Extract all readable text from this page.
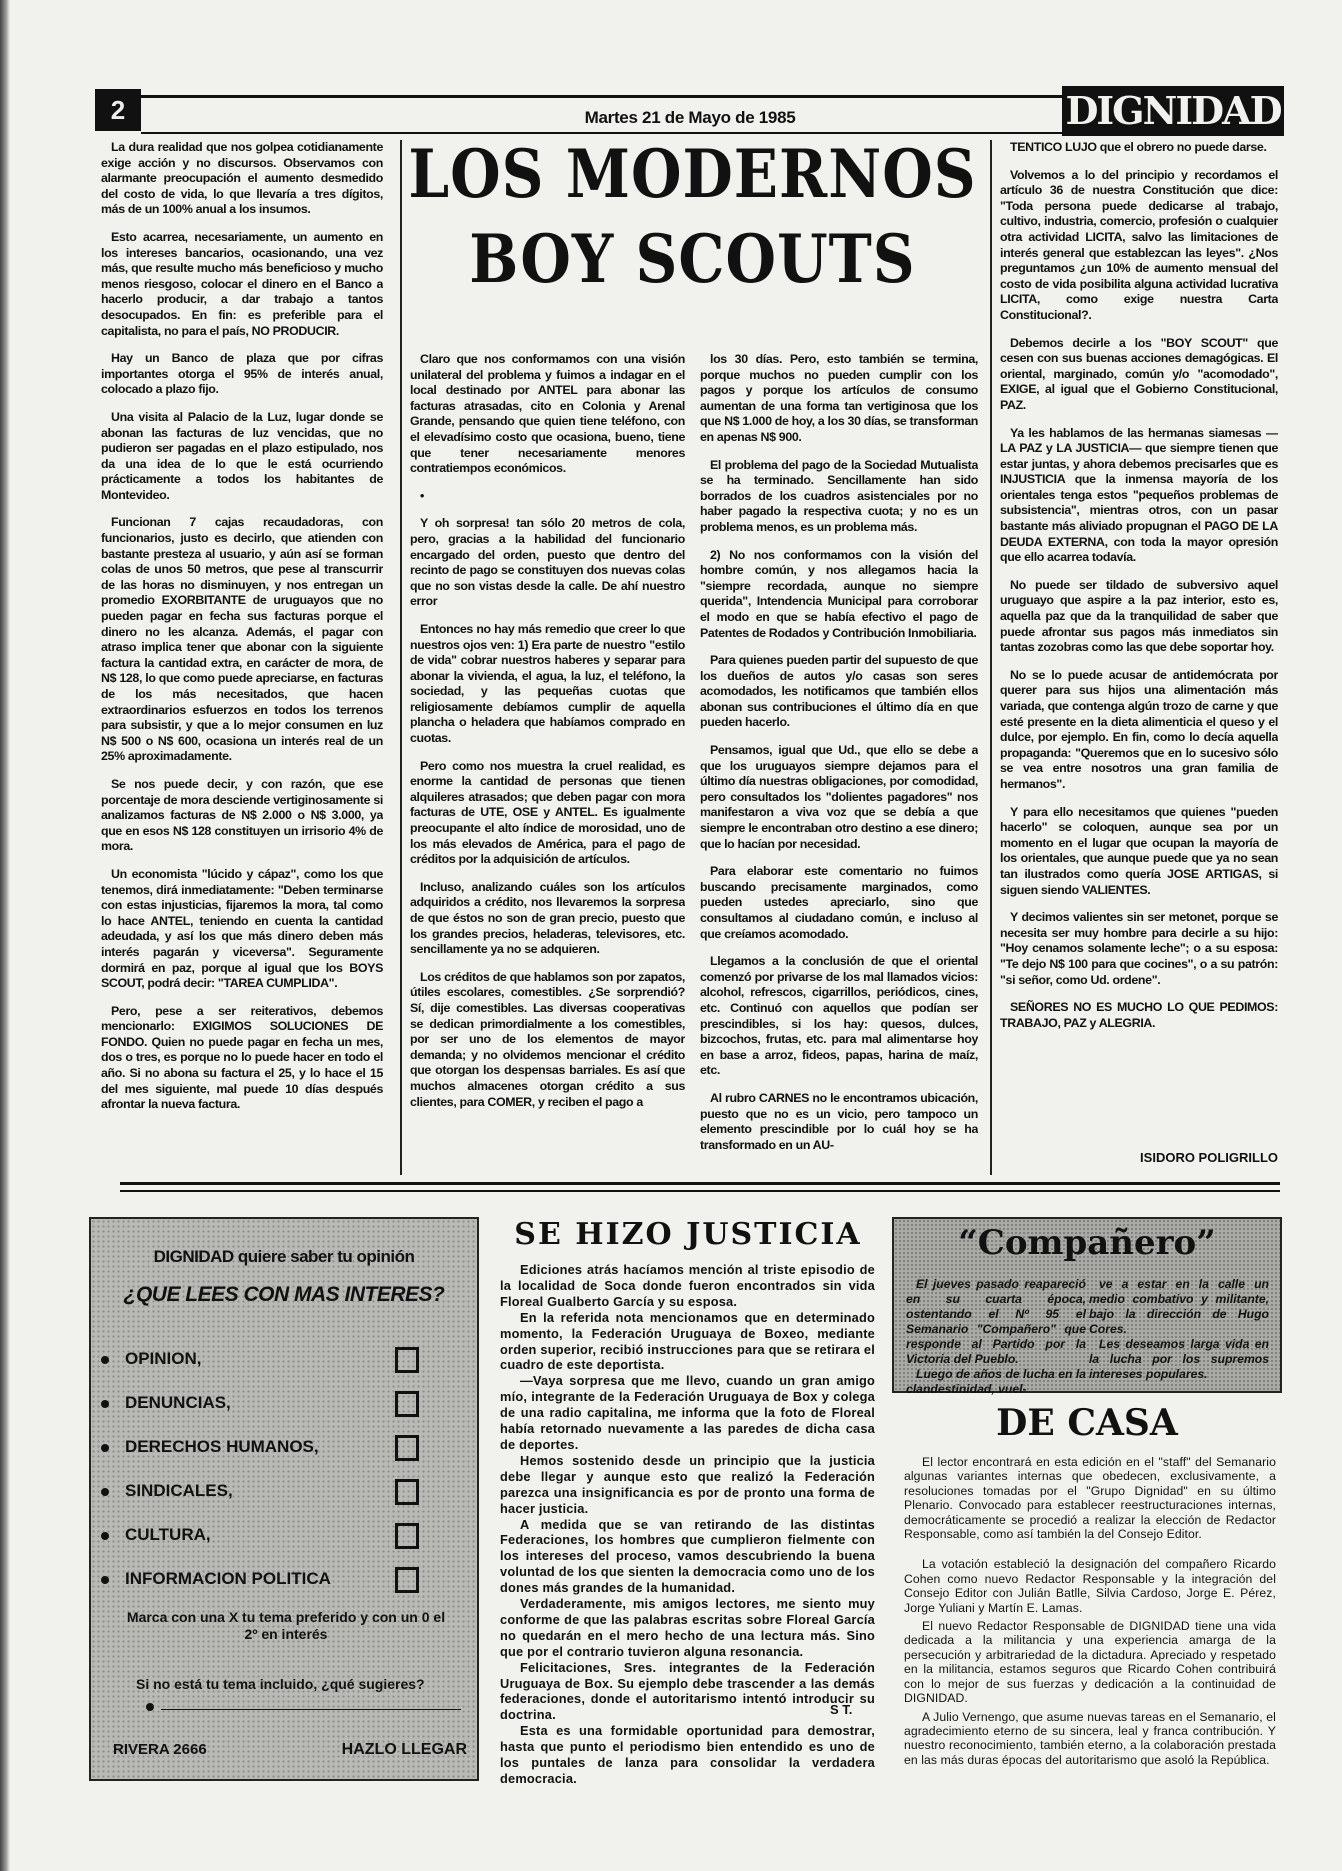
2	Martes 21 de Mayo de 1985	DIGNIDAD

La dura realidad que nos golpea cotidianamente exige acción y no discursos. Observamos con alarmante preocupación el aumento desmedido del costo de vida, lo que llevaría a tres dígitos, más de un 100% anual a los insumos.

Esto acarrea, necesariamente, un aumento en los intereses bancarios, ocasionando, una vez más, que resulte mucho más beneficioso y mucho menos riesgoso, colocar el dinero en el Banco a hacerlo producir, a dar trabajo a tantos desocupados. En fin: es preferible para el capitalista, no para el país, NO PRODUCIR.

Hay un Banco de plaza que por cifras importantes otorga el 95% de interés anual, colocado a plazo fijo.

Una visita al Palacio de la Luz, lugar donde se abonan las facturas de luz vencidas, que no pudieron ser pagadas en el plazo estipulado, nos da una idea de lo que le está ocurriendo prácticamente a todos los habitantes de Montevideo.

Funcionan 7 cajas recaudadoras, con funcionarios, justo es decirlo, que atienden con bastante presteza al usuario, y aún así se forman colas de unos 50 metros, que pese al transcurrir de las horas no disminuyen, y nos entregan un promedio EXORBITANTE de uruguayos que no pueden pagar en fecha sus facturas porque el dinero no les alcanza. Además, el pagar con atraso implica tener que abonar con la siguiente factura la cantidad extra, en carácter de mora, de N$ 128, lo que como puede apreciarse, en facturas de los más necesitados, que hacen extraordinarios esfuerzos en todos los terrenos para subsistir, y que a lo mejor consumen en luz N$ 500 o N$ 600, ocasiona un interés real de un 25% aproximadamente.

Se nos puede decir, y con razón, que ese porcentaje de mora desciende vertiginosamente si analizamos facturas de N$ 2.000 o N$ 3.000, ya que en esos N$ 128 constituyen un irrisorio 4% de mora.

Un economista "lúcido y cápaz", como los que tenemos, dirá inmediatamente: "Deben terminarse con estas injusticias, fijaremos la mora, tal como lo hace ANTEL, teniendo en cuenta la cantidad adeudada, y así los que más dinero deben más interés pagarán y viceversa". Seguramente dormirá en paz, porque al igual que los BOYS SCOUT, podrá decir: "TAREA CUMPLIDA".

Pero, pese a ser reiterativos, debemos mencionarlo: EXIGIMOS SOLUCIONES DE FONDO. Quien no puede pagar en fecha un mes, dos o tres, es porque no lo puede hacer en todo el año. Si no abona su factura el 25, y lo hace el 15 del mes siguiente, mal puede 10 días después afrontar la nueva factura.

LOS MODERNOS
BOY SCOUTS

Claro que nos conformamos con una visión unilateral del problema y fuimos a indagar en el local destinado por ANTEL para abonar las facturas atrasadas, cito en Colonia y Arenal Grande, pensando que quien tiene teléfono, con el elevadísimo costo que ocasiona, bueno, tiene que tener necesariamente menores contratiempos económicos.

•

Y oh sorpresa! tan sólo 20 metros de cola, pero, gracias a la habilidad del funcionario encargado del orden, puesto que dentro del recinto de pago se constituyen dos nuevas colas que no son vistas desde la calle. De ahí nuestro error

Entonces no hay más remedio que creer lo que nuestros ojos ven: 1) Era parte de nuestro "estilo de vida" cobrar nuestros haberes y separar para abonar la vivienda, el agua, la luz, el teléfono, la sociedad, y las pequeñas cuotas que religiosamente debíamos cumplir de aquella plancha o heladera que habíamos comprado en cuotas.

Pero como nos muestra la cruel realidad, es enorme la cantidad de personas que tienen alquileres atrasados; que deben pagar con mora facturas de UTE, OSE y ANTEL. Es igualmente preocupante el alto índice de morosidad, uno de los más elevados de América, para el pago de créditos por la adquisición de artículos.

Incluso, analizando cuáles son los artículos adquiridos a crédito, nos llevaremos la sorpresa de que éstos no son de gran precio, puesto que los grandes precios, heladeras, televisores, etc. sencillamente ya no se adquieren.

Los créditos de que hablamos son por zapatos, útiles escolares, comestibles. ¿Se sorprendió? Sí, dije comestibles. Las diversas cooperativas se dedican primordialmente a los comestibles, por ser uno de los elementos de mayor demanda; y no olvidemos mencionar el crédito que otorgan los despensas barriales. Es así que muchos almacenes otorgan crédito a sus clientes, para COMER, y reciben el pago a

los 30 días. Pero, esto también se termina, porque muchos no pueden cumplir con los pagos y porque los artículos de consumo aumentan de una forma tan vertiginosa que los que N$ 1.000 de hoy, a los 30 días, se transforman en apenas N$ 900.

El problema del pago de la Sociedad Mutualista se ha terminado. Sencillamente han sido borrados de los cuadros asistenciales por no haber pagado la respectiva cuota; y no es un problema menos, es un problema más.

2) No nos conformamos con la visión del hombre común, y nos allegamos hacia la "siempre recordada, aunque no siempre querida", Intendencia Municipal para corroborar el modo en que se había efectivo el pago de Patentes de Rodados y Contribución Inmobiliaria.

Para quienes pueden partir del supuesto de que los dueños de autos y/o casas son seres acomodados, les notificamos que también ellos abonan sus contribuciones el último día en que pueden hacerlo.

Pensamos, igual que Ud., que ello se debe a que los uruguayos siempre dejamos para el último día nuestras obligaciones, por comodidad, pero consultados los "dolientes pagadores" nos manifestaron a viva voz que se debía a que siempre le encontraban otro destino a ese dinero; que lo hacían por necesidad.

Para elaborar este comentario no fuimos buscando precisamente marginados, como pueden ustedes apreciarlo, sino que consultamos al ciudadano común, e incluso al que creíamos acomodado.

Llegamos a la conclusión de que el oriental comenzó por privarse de los mal llamados vicios: alcohol, refrescos, cigarrillos, periódicos, cines, etc. Continuó con aquellos que podían ser prescindibles, si los hay: quesos, dulces, bizcochos, frutas, etc. para mal alimentarse hoy en base a arroz, fideos, papas, harina de maíz, etc.

Al rubro CARNES no le encontramos ubicación, puesto que no es un vicio, pero tampoco un elemento prescindible por lo cuál hoy se ha transformado en un AU-

TENTICO LUJO que el obrero no puede darse.

Volvemos a lo del principio y recordamos el artículo 36 de nuestra Constitución que dice: "Toda persona puede dedicarse al trabajo, cultivo, industria, comercio, profesión o cualquier otra actividad LICITA, salvo las limitaciones de interés general que establezcan las leyes". ¿Nos preguntamos ¿un 10% de aumento mensual del costo de vida posibilita alguna actividad lucrativa LICITA, como exige nuestra Carta Constitucional?.

Debemos decirle a los "BOY SCOUT" que cesen con sus buenas acciones demagógicas. El oriental, marginado, común y/o "acomodado", EXIGE, al igual que el Gobierno Constitucional, PAZ.

Ya les hablamos de las hermanas siamesas —LA PAZ y LA JUSTICIA— que siempre tienen que estar juntas, y ahora debemos precisarles que es INJUSTICIA que la inmensa mayoría de los orientales tenga estos "pequeños problemas de subsistencia", mientras otros, con un pasar bastante más aliviado propugnan el PAGO DE LA DEUDA EXTERNA, con toda la mayor opresión que ello acarrea todavía.

No puede ser tildado de subversivo aquel uruguayo que aspire a la paz interior, esto es, aquella paz que da la tranquilidad de saber que puede afrontar sus pagos más inmediatos sin tantas zozobras como las que debe soportar hoy.

No se lo puede acusar de antidemócrata por querer para sus hijos una alimentación más variada, que contenga algún trozo de carne y que esté presente en la dieta alimenticia el queso y el dulce, por ejemplo. En fin, como lo decía aquella propaganda: "Queremos que en lo sucesivo sólo se vea entre nosotros una gran familia de hermanos".

Y para ello necesitamos que quienes "pueden hacerlo" se coloquen, aunque sea por un momento en el lugar que ocupan la mayoría de los orientales, que aunque puede que ya no sean tan ilustrados como quería JOSE ARTIGAS, si siguen siendo VALIENTES.

Y decimos valientes sin ser metonet, porque se necesita ser muy hombre para decirle a su hijo: "Hoy cenamos solamente leche"; o a su esposa: "Te dejo N$ 100 para que cocines", o a su patrón: "si señor, como Ud. ordene".

SEÑORES NO ES MUCHO LO QUE PEDIMOS: TRABAJO, PAZ y ALEGRIA.

ISIDORO POLIGRILLO
DIGNIDAD quiere saber tu opinión
¿QUE LEES CON MAS INTERES?
OPINION,
DENUNCIAS,
DERECHOS HUMANOS,
SINDICALES,
CULTURA,
INFORMACION POLITICA
Marca con una X tu tema preferido y con un 0 el 2º en interés
Si no está tu tema incluido, ¿qué sugieres?
RIVERA 2666	HAZLO LLEGAR
SE HIZO JUSTICIA

Ediciones atrás hacíamos mención al triste episodio de la localidad de Soca donde fueron encontrados sin vida Floreal Gualberto García y su esposa.

En la referida nota mencionamos que en determinado momento, la Federación Uruguaya de Boxeo, mediante orden superior, recibió instrucciones para que se retirara el cuadro de este deportista.

—Vaya sorpresa que me llevo, cuando un gran amigo mío, integrante de la Federación Uruguaya de Box y colega de una radio capitalina, me informa que la foto de Floreal había retornado nuevamente a las paredes de dicha casa de deportes.

Hemos sostenido desde un principio que la justicia debe llegar y aunque esto que realizó la Federación parezca una insignificancia es por de pronto una forma de hacer justicia.

A medida que se van retirando de las distintas Federaciones, los hombres que cumplieron fielmente con los intereses del proceso, vamos descubriendo la buena voluntad de los que sienten la democracia como uno de los dones más grandes de la humanidad.

Verdaderamente, mis amigos lectores, me siento muy conforme de que las palabras escritas sobre Floreal García no quedarán en el mero hecho de una lectura más. Sino que por el contrario tuvieron alguna resonancia.

Felicitaciones, Sres. integrantes de la Federación Uruguaya de Box. Su ejemplo debe trascender a las demás federaciones, donde el autoritarismo intentó introducir su doctrina.

Esta es una formidable oportunidad para demostrar, hasta que punto el periodismo bien entendido es uno de los puntales de lanza para consolidar la verdadera democracia.

S T.
“Compañero”

El jueves pasado reapareció en su cuarta época, ostentando el Nº 95 el Semanario "Compañero" que responde al Partido por la Victoria del Pueblo.

Luego de años de lucha en la clandestinidad, vuel-

ve a estar en la calle un medio combativo y militante, bajo la dirección de Hugo Cores.

Les deseamos larga vida en la lucha por los supremos intereses populares.

DE CASA

El lector encontrará en esta edición en el "staff" del Semanario algunas variantes internas que obedecen, exclusivamente, a resoluciones tomadas por el "Grupo Dignidad" en su último Plenario. Convocado para establecer reestructuraciones internas, democráticamente se procedió a realizar la elección de Redactor Responsable, como así también la del Consejo Editor.

La votación estableció la designación del compañero Ricardo Cohen como nuevo Redactor Responsable y la integración del Consejo Editor con Julián Batlle, Silvia Cardoso, Jorge E. Pérez, Jorge Yuliani y Martín E. Lamas.

El nuevo Redactor Responsable de DIGNIDAD tiene una vida dedicada a la militancia y una experiencia amarga de la persecución y arbitrariedad de la dictadura. Apreciado y respetado en la militancia, estamos seguros que Ricardo Cohen contribuirá con lo mejor de sus fuerzas y dedicación a la continuidad de DIGNIDAD.

A Julio Vernengo, que asume nuevas tareas en el Semanario, el agradecimiento eterno de su sincera, leal y franca contribución. Y nuestro reconocimiento, también eterno, a la colaboración prestada en las más duras épocas del autoritarismo que asoló la República.
